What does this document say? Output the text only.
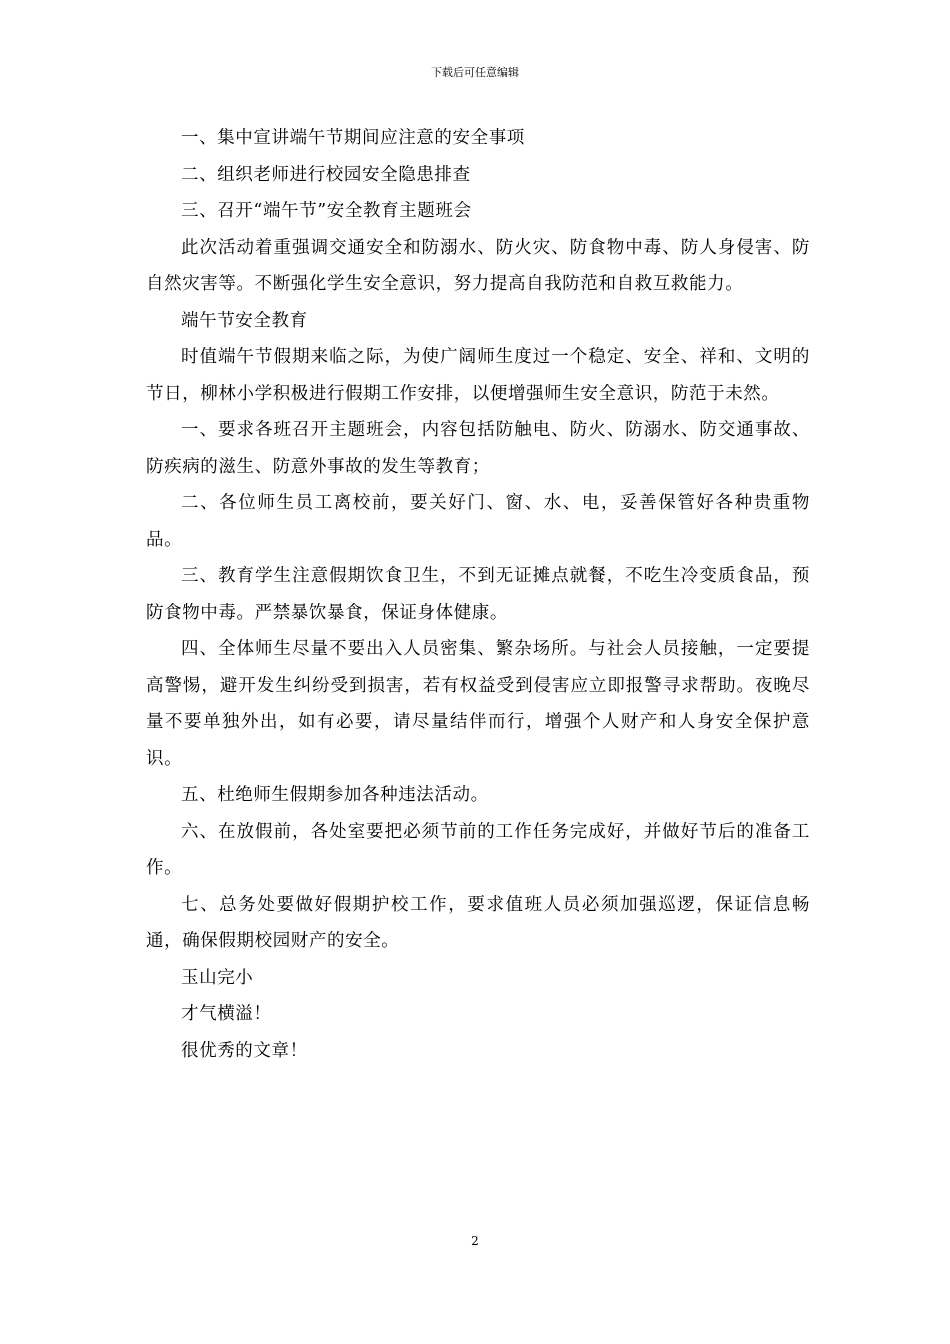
下载后可任意编辑

一、集中宣讲端午节期间应注意的安全事项

二、组织老师进行校园安全隐患排查

三、召开“端午节”安全教育主题班会

此次活动着重强调交通安全和防溺水、防火灾、防食物中毒、防人身侵害、防自然灾害等。不断强化学生安全意识，努力提高自我防范和自救互救能力。

端午节安全教育

时值端午节假期来临之际，为使广阔师生度过一个稳定、安全、祥和、文明的节日，柳林小学积极进行假期工作安排，以便增强师生安全意识，防范于未然。

一、要求各班召开主题班会，内容包括防触电、防火、防溺水、防交通事故、防疾病的滋生、防意外事故的发生等教育；

二、各位师生员工离校前，要关好门、窗、水、电，妥善保管好各种贵重物品。

三、教育学生注意假期饮食卫生，不到无证摊点就餐，不吃生冷变质食品，预防食物中毒。严禁暴饮暴食，保证身体健康。

四、全体师生尽量不要出入人员密集、繁杂场所。与社会人员接触，一定要提高警惕，避开发生纠纷受到损害，若有权益受到侵害应立即报警寻求帮助。夜晚尽量不要单独外出，如有必要，请尽量结伴而行，增强个人财产和人身安全保护意识。

五、杜绝师生假期参加各种违法活动。

六、在放假前，各处室要把必须节前的工作任务完成好，并做好节后的准备工作。

七、总务处要做好假期护校工作，要求值班人员必须加强巡逻，保证信息畅通，确保假期校园财产的安全。

玉山完小

才气横溢！

很优秀的文章！

2
